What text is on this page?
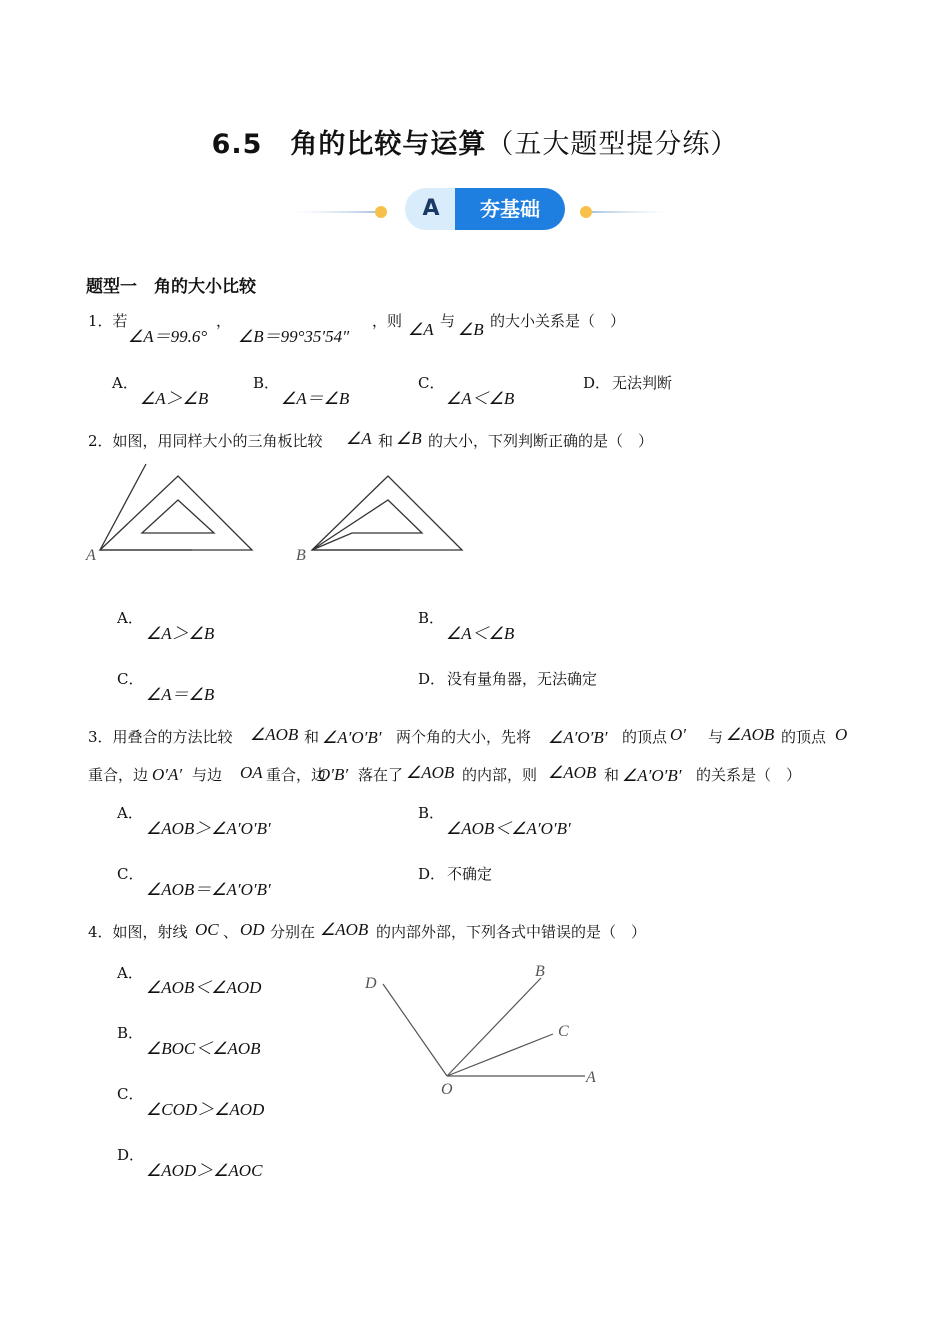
6.5　角的比较与运算（五大题型提分练）
A	夯基础
题型一　角的大小比较
1．若
∠A＝99.6°
，
∠B＝99°35′54″
，则 ∠A 与 ∠B 的大小关系是（　）
A．
∠A＞∠B
B．
∠A＝∠B
C．
∠A＜∠B
D． 无法判断
2．如图，用同样大小的三角板比较 ∠A 和 ∠B 的大小，下列判断正确的是（　）
A	B
A．
∠A＞∠B
B．
∠A＜∠B
C．
∠A＝∠B
D． 没有量角器，无法确定
3．用叠合的方法比较 ∠AOB 和 ∠A′O′B′ 两个角的大小，先将 ∠A′O′B′ 的顶点 O′ 与 ∠AOB 的顶点 O
重合，边 O′A′ 与边 OA 重合，边
O′B′ 落在了 ∠AOB 的内部，则 ∠AOB 和 ∠A′O′B′ 的关系是（　）
A．
∠AOB＞∠A′O′B′
B．
∠AOB＜∠A′O′B′
C．
∠AOB＝∠A′O′B′
D． 不确定
4．如图，射线 OC 、 OD 分别在 ∠AOB 的内部外部，下列各式中错误的是（　）
D
B
C
A
O
A．
∠AOB＜∠AOD
B．
∠BOC＜∠AOB
C．
∠COD＞∠AOD
D．
∠AOD＞∠AOC
